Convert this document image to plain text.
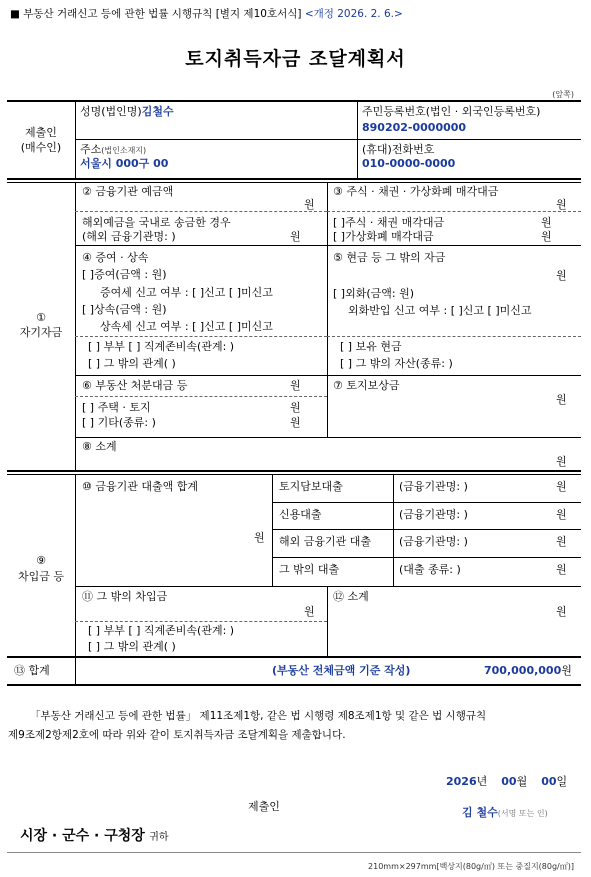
■ 부동산 거래신고 등에 관한 법률 시행규칙 [별지 제10호서식] <개정 2026. 2. 6.>
토지취득자금 조달계획서
(앞쪽)
제출인
(매수인)
성명(법인명)김철수	주민등록번호(법인 · 외국인등록번호)
890202-0000000
주소(법인소재지)
서울시 000구 00
(휴대)전화번호
010-0000-0000
①
자기자금
② 금융기관 예금액
원
해외예금을 국내로 송금한 경우
(해외 금융기관명: )	원
③ 주식 · 채권 · 가상화폐 매각대금
원
[ ]주식 · 채권 매각대금	원
[ ]가상화폐 매각대금	원
④ 증여 · 상속
[ ]증여(금액 : 원)
증여세 신고 여부 : [ ]신고 [ ]미신고
[ ]상속(금액 : 원)
상속세 신고 여부 : [ ]신고 [ ]미신고
[ ] 부부 [ ] 직계존비속(관계: )
[ ] 그 밖의 관계( )
⑤ 현금 등 그 밖의 자금
원
[ ]외화(금액: 원)
외화반입 신고 여부 : [ ]신고 [ ]미신고
[ ] 보유 현금
[ ] 그 밖의 자산(종류: )
⑥ 부동산 처분대금 등	원
[ ] 주택 · 토지	원
[ ] 기타(종류: )	원
⑦ 토지보상금
원
⑧ 소계
원
⑨
차입금 등
⑩ 금융기관 대출액 합계
원
토지담보대출	(금융기관명: )	원
신용대출	(금융기관명: )	원
해외 금융기관 대출	(금융기관명: )	원
그 밖의 대출	(대출 종류: )	원
⑪ 그 밖의 차입금
원
[ ] 부부 [ ] 직계존비속(관계: )
[ ] 그 밖의 관계( )
⑫ 소계
원
⑬ 합계	(부동산 전체금액 기준 작성)	700,000,000원
「부동산 거래신고 등에 관한 법률」 제11조제1항, 같은 법 시행령 제8조제1항 및 같은 법 시행규칙
제9조제2항제2호에 따라 위와 같이 토지취득자금 조달계획을 제출합니다.
2026년 00월 00일
제출인	김 철수(서명 또는 인)
시장 · 군수 · 구청장 귀하
210mm×297mm[백상지(80g/㎡) 또는 중질지(80g/㎡)]
